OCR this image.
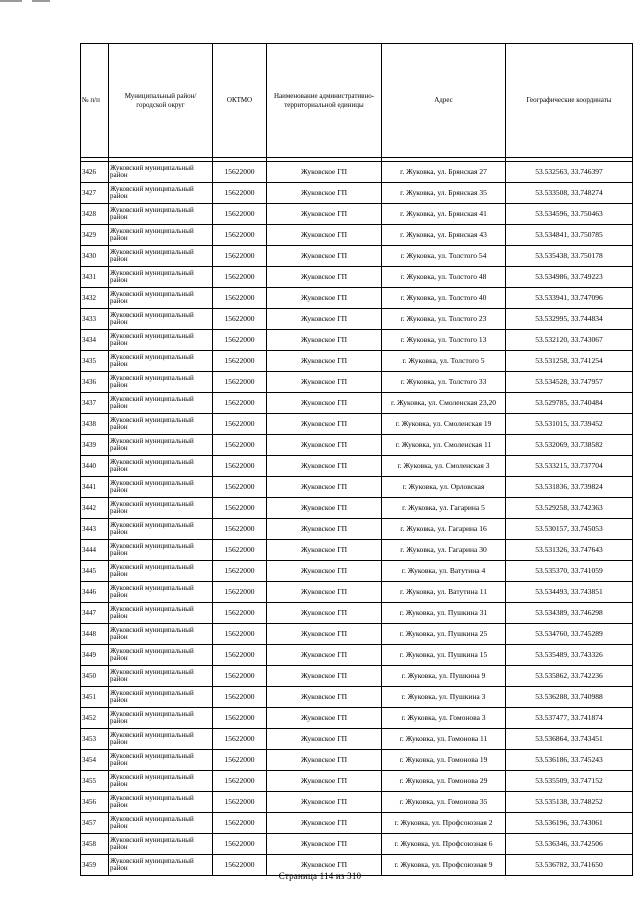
№ п/п	Муниципальный район/городской округ	ОКТМО	Наименование административно-территориальной единицы	Адрес	Географические координаты

3426	Жуковский муниципальный район	15622000	Жуковское ГП	г. Жуковка, ул. Брянская 27	53.532563, 33.746397
3427	Жуковский муниципальный район	15622000	Жуковское ГП	г. Жуковка, ул. Брянская 35	53.533508, 33.748274
3428	Жуковский муниципальный район	15622000	Жуковское ГП	г. Жуковка, ул. Брянская 41	53.534596, 33.750463
3429	Жуковский муниципальный район	15622000	Жуковское ГП	г. Жуковка, ул. Брянская 43	53.534841, 33.750785
3430	Жуковский муниципальный район	15622000	Жуковское ГП	г. Жуковка, ул. Толстого 54	53.535438, 33.750178
3431	Жуковский муниципальный район	15622000	Жуковское ГП	г. Жуковка, ул. Толстого 48	53.534986, 33.749223
3432	Жуковский муниципальный район	15622000	Жуковское ГП	г. Жуковка, ул. Толстого 40	53.533941, 33.747096
3433	Жуковский муниципальный район	15622000	Жуковское ГП	г. Жуковка, ул. Толстого 23	53.532995, 33.744834
3434	Жуковский муниципальный район	15622000	Жуковское ГП	г. Жуковка, ул. Толстого 13	53.532120, 33.743067
3435	Жуковский муниципальный район	15622000	Жуковское ГП	г. Жуковка, ул. Толстого 5	53.531258, 33.741254
3436	Жуковский муниципальный район	15622000	Жуковское ГП	г. Жуковка, ул. Толстого 33	53.534528, 33.747957
3437	Жуковский муниципальный район	15622000	Жуковское ГП	г. Жуковка, ул. Смоленская 23,20	53.529785, 33.740484
3438	Жуковский муниципальный район	15622000	Жуковское ГП	г. Жуковка, ул. Смоленская 19	53.531015, 33.739452
3439	Жуковский муниципальный район	15622000	Жуковское ГП	г. Жуковка, ул. Смоленская 11	53.532069, 33.738582
3440	Жуковский муниципальный район	15622000	Жуковское ГП	г. Жуковка, ул. Смоленская 3	53.533215, 33.737704
3441	Жуковский муниципальный район	15622000	Жуковское ГП	г. Жуковка, ул. Орловская	53.531836, 33.739824
3442	Жуковский муниципальный район	15622000	Жуковское ГП	г. Жуковка, ул. Гагарина 5	53.529258, 33.742363
3443	Жуковский муниципальный район	15622000	Жуковское ГП	г. Жуковка, ул. Гагарина 16	53.530157, 33.745053
3444	Жуковский муниципальный район	15622000	Жуковское ГП	г. Жуковка, ул. Гагарина 30	53.531326, 33.747643
3445	Жуковский муниципальный район	15622000	Жуковское ГП	г. Жуковка, ул. Ватутина 4	53.535370, 33.741059
3446	Жуковский муниципальный район	15622000	Жуковское ГП	г. Жуковка, ул. Ватутина 11	53.534493, 33.743851
3447	Жуковский муниципальный район	15622000	Жуковское ГП	г. Жуковка, ул. Пушкина 31	53.534389, 33.746298
3448	Жуковский муниципальный район	15622000	Жуковское ГП	г. Жуковка, ул. Пушкина 25	53.534760, 33.745289
3449	Жуковский муниципальный район	15622000	Жуковское ГП	г. Жуковка, ул. Пушкина 15	53.535489, 33.743326
3450	Жуковский муниципальный район	15622000	Жуковское ГП	г. Жуковка, ул. Пушкина 9	53.535862, 33.742236
3451	Жуковский муниципальный район	15622000	Жуковское ГП	г. Жуковка, ул. Пушкина 3	53.536288, 33.740988
3452	Жуковский муниципальный район	15622000	Жуковское ГП	г. Жуковка, ул. Гомонова 3	53.537477, 33.741874
3453	Жуковский муниципальный район	15622000	Жуковское ГП	г. Жуковка, ул. Гомонова 11	53.536864, 33.743451
3454	Жуковский муниципальный район	15622000	Жуковское ГП	г. Жуковка, ул. Гомонова 19	53.536186, 33.745243
3455	Жуковский муниципальный район	15622000	Жуковское ГП	г. Жуковка, ул. Гомонова 29	53.535509, 33.747152
3456	Жуковский муниципальный район	15622000	Жуковское ГП	г. Жуковка, ул. Гомонова 35	53.535138, 33.748252
3457	Жуковский муниципальный район	15622000	Жуковское ГП	г. Жуковка, ул. Профсоюзная 2	53.536196, 33.743061
3458	Жуковский муниципальный район	15622000	Жуковское ГП	г. Жуковка, ул. Профсоюзная 6	53.536346, 33.742506
3459	Жуковский муниципальный район	15622000	Жуковское ГП	г. Жуковка, ул. Профсоюзная 9	53.536782, 33.741650
Страница 114 из 310
